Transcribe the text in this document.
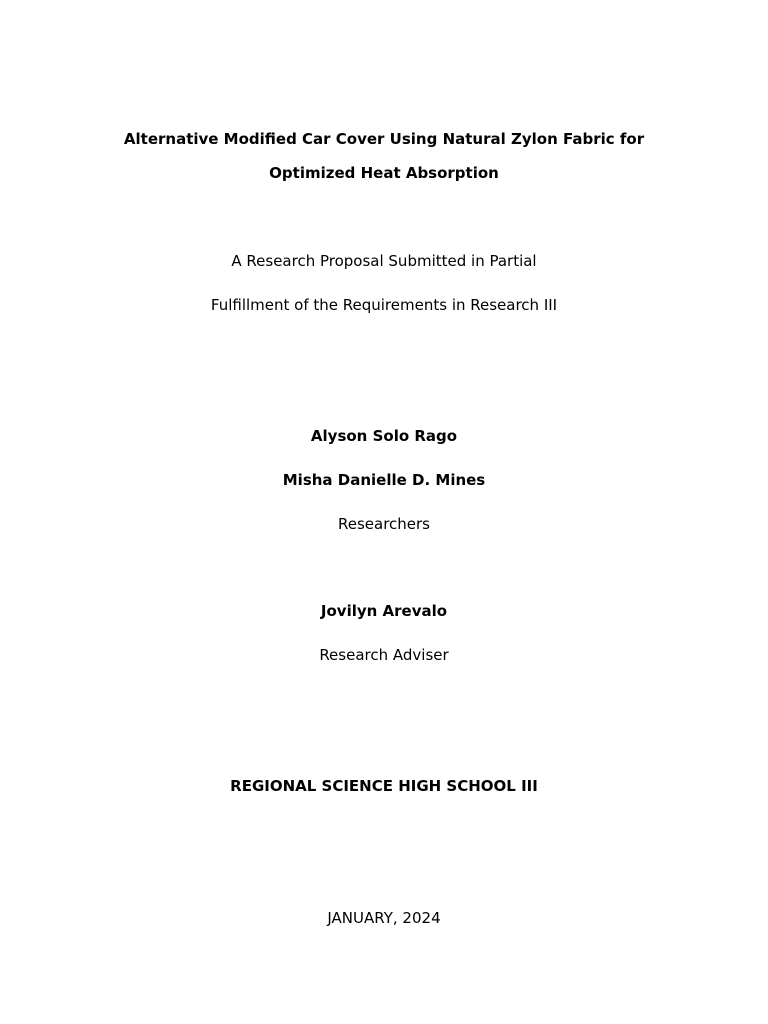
Alternative Modified Car Cover Using Natural Zylon Fabric for
Optimized Heat Absorption
A Research Proposal Submitted in Partial
Fulfillment of the Requirements in Research III
Alyson Solo Rago
Misha Danielle D. Mines
Researchers
Jovilyn Arevalo
Research Adviser
REGIONAL SCIENCE HIGH SCHOOL III
JANUARY, 2024
